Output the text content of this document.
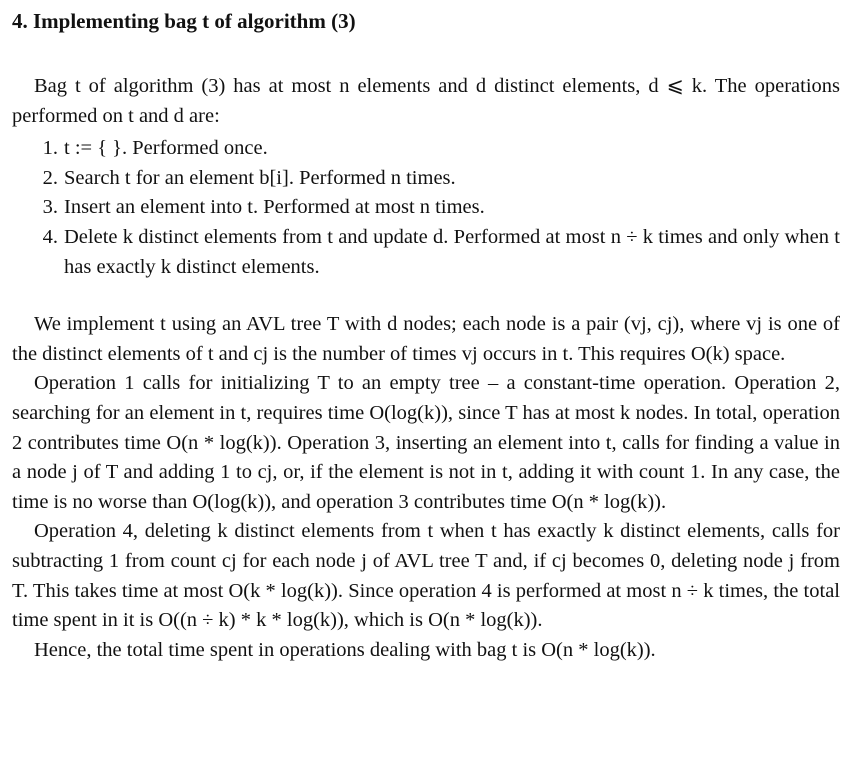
4. Implementing bag t of algorithm (3)

Bag t of algorithm (3) has at most n elements and d distinct elements, d ⩽ k. The operations performed on t and d are:

1. t := { }. Performed once.
2. Search t for an element b[i]. Performed n times.
3. Insert an element into t. Performed at most n times.
4. Delete k distinct elements from t and update d. Performed at most n ÷ k times and only when t has exactly k distinct elements.

We implement t using an AVL tree T with d nodes; each node is a pair (vj, cj), where vj is one of the distinct elements of t and cj is the number of times vj occurs in t. This requires O(k) space.

Operation 1 calls for initializing T to an empty tree – a constant-time operation. Operation 2, searching for an element in t, requires time O(log(k)), since T has at most k nodes. In total, operation 2 contributes time O(n * log(k)). Operation 3, inserting an element into t, calls for finding a value in a node j of T and adding 1 to cj, or, if the element is not in t, adding it with count 1. In any case, the time is no worse than O(log(k)), and operation 3 contributes time O(n * log(k)).

Operation 4, deleting k distinct elements from t when t has exactly k distinct elements, calls for subtracting 1 from count cj for each node j of AVL tree T and, if cj becomes 0, deleting node j from T. This takes time at most O(k * log(k)). Since operation 4 is performed at most n ÷ k times, the total time spent in it is O((n ÷ k) * k * log(k)), which is O(n * log(k)).

Hence, the total time spent in operations dealing with bag t is O(n * log(k)).
